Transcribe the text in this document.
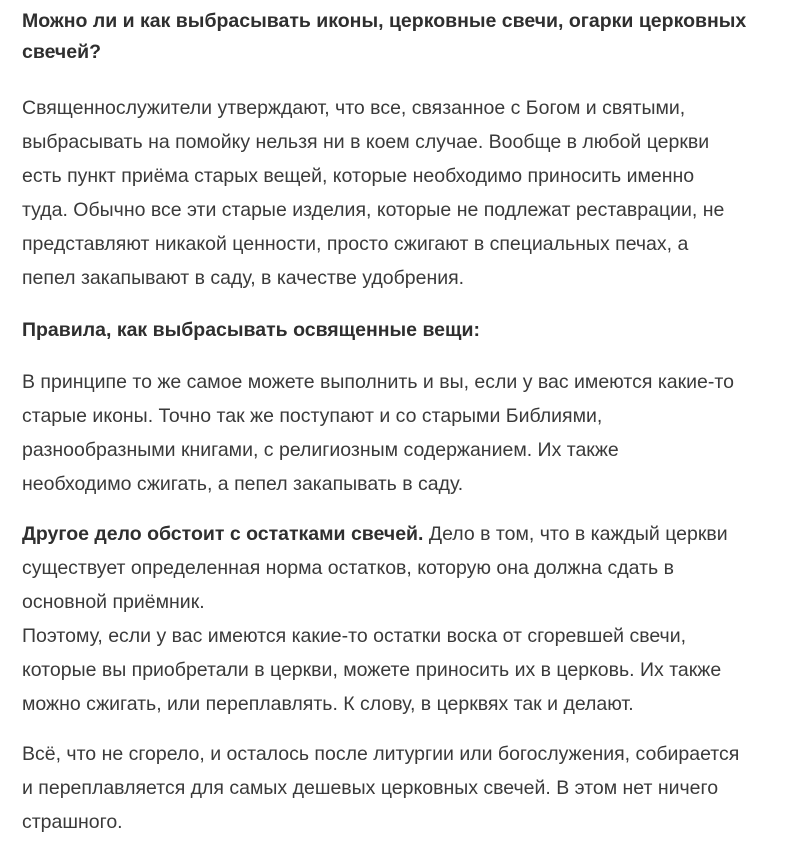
Можно ли и как выбрасывать иконы, церковные свечи, огарки церковных
свечей?

Священнослужители утверждают, что все, связанное с Богом и святыми,
выбрасывать на помойку нельзя ни в коем случае. Вообще в любой церкви
есть пункт приёма старых вещей, которые необходимо приносить именно
туда. Обычно все эти старые изделия, которые не подлежат реставрации, не
представляют никакой ценности, просто сжигают в специальных печах, а
пепел закапывают в саду, в качестве удобрения.

Правила, как выбрасывать освященные вещи:

В принципе то же самое можете выполнить и вы, если у вас имеются какие-то
старые иконы. Точно так же поступают и со старыми Библиями,
разнообразными книгами, с религиозным содержанием. Их также
необходимо сжигать, а пепел закапывать в саду.

Другое дело обстоит с остатками свечей. Дело в том, что в каждый церкви
существует определенная норма остатков, которую она должна сдать в
основной приёмник.
Поэтому, если у вас имеются какие-то остатки воска от сгоревшей свечи,
которые вы приобретали в церкви, можете приносить их в церковь. Их также
можно сжигать, или переплавлять. К слову, в церквях так и делают.

Всё, что не сгорело, и осталось после литургии или богослужения, собирается
и переплавляется для самых дешевых церковных свечей. В этом нет ничего
страшного.
